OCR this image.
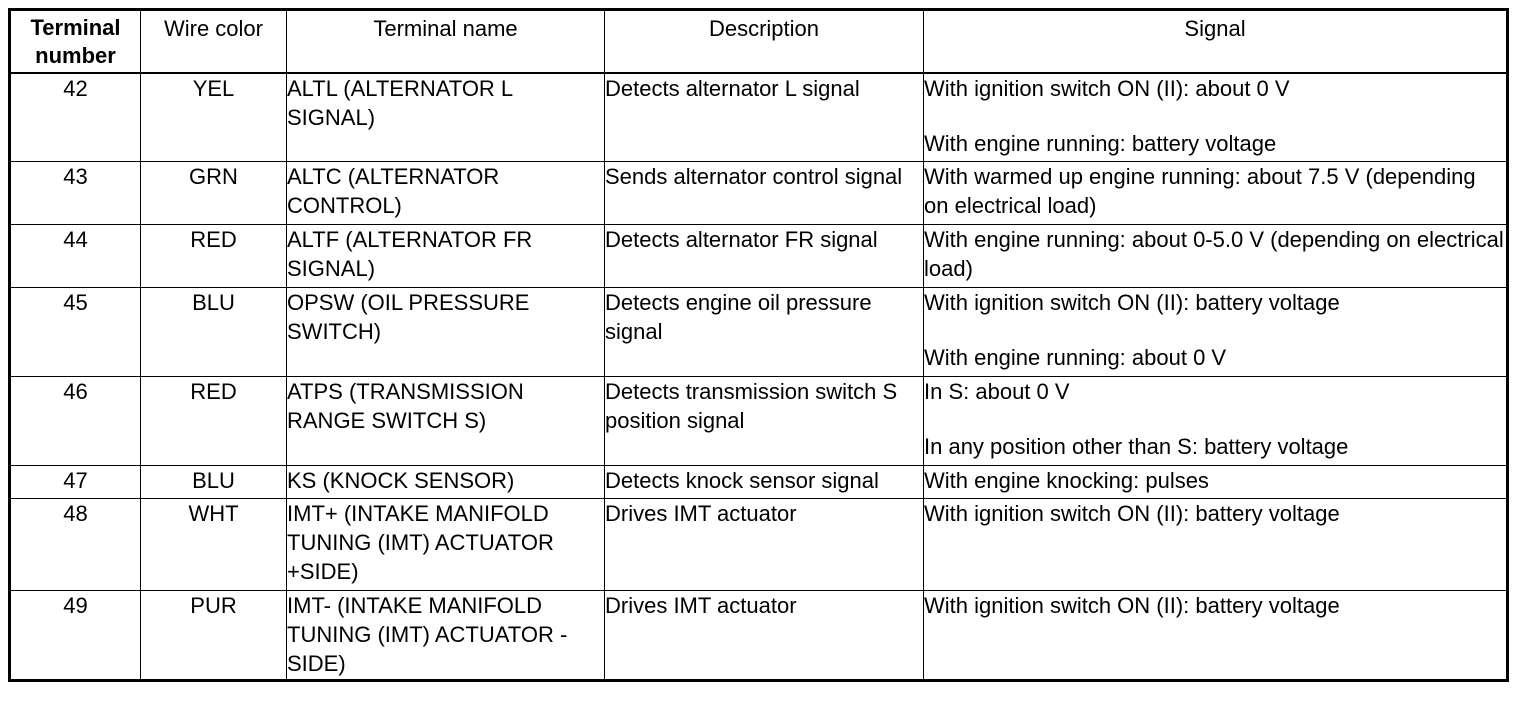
Terminal number	Wire color	Terminal name	Description	Signal
42	YEL	ALTL (ALTERNATOR L SIGNAL)	Detects alternator L signal	With ignition switch ON (II): about 0 V
With engine running: battery voltage

43	GRN	ALTC (ALTERNATOR CONTROL)	Sends alternator control signal	With warmed up engine running: about 7.5 V (depending on electrical load)

44	RED	ALTF (ALTERNATOR FR SIGNAL)	Detects alternator FR signal	With engine running: about 0-5.0 V (depending on electrical load)

45	BLU	OPSW (OIL PRESSURE SWITCH)	Detects engine oil pressure signal	With ignition switch ON (II): battery voltage
With engine running: about 0 V

46	RED	ATPS (TRANSMISSION RANGE SWITCH S)	Detects transmission switch S position signal	In S: about 0 V
In any position other than S: battery voltage

47	BLU	KS (KNOCK SENSOR)	Detects knock sensor signal	With engine knocking: pulses

48	WHT	IMT+ (INTAKE MANIFOLD TUNING (IMT) ACTUATOR +SIDE)	Drives IMT actuator	With ignition switch ON (II): battery voltage

49	PUR	IMT- (INTAKE MANIFOLD TUNING (IMT) ACTUATOR -SIDE)	Drives IMT actuator	With ignition switch ON (II): battery voltage
